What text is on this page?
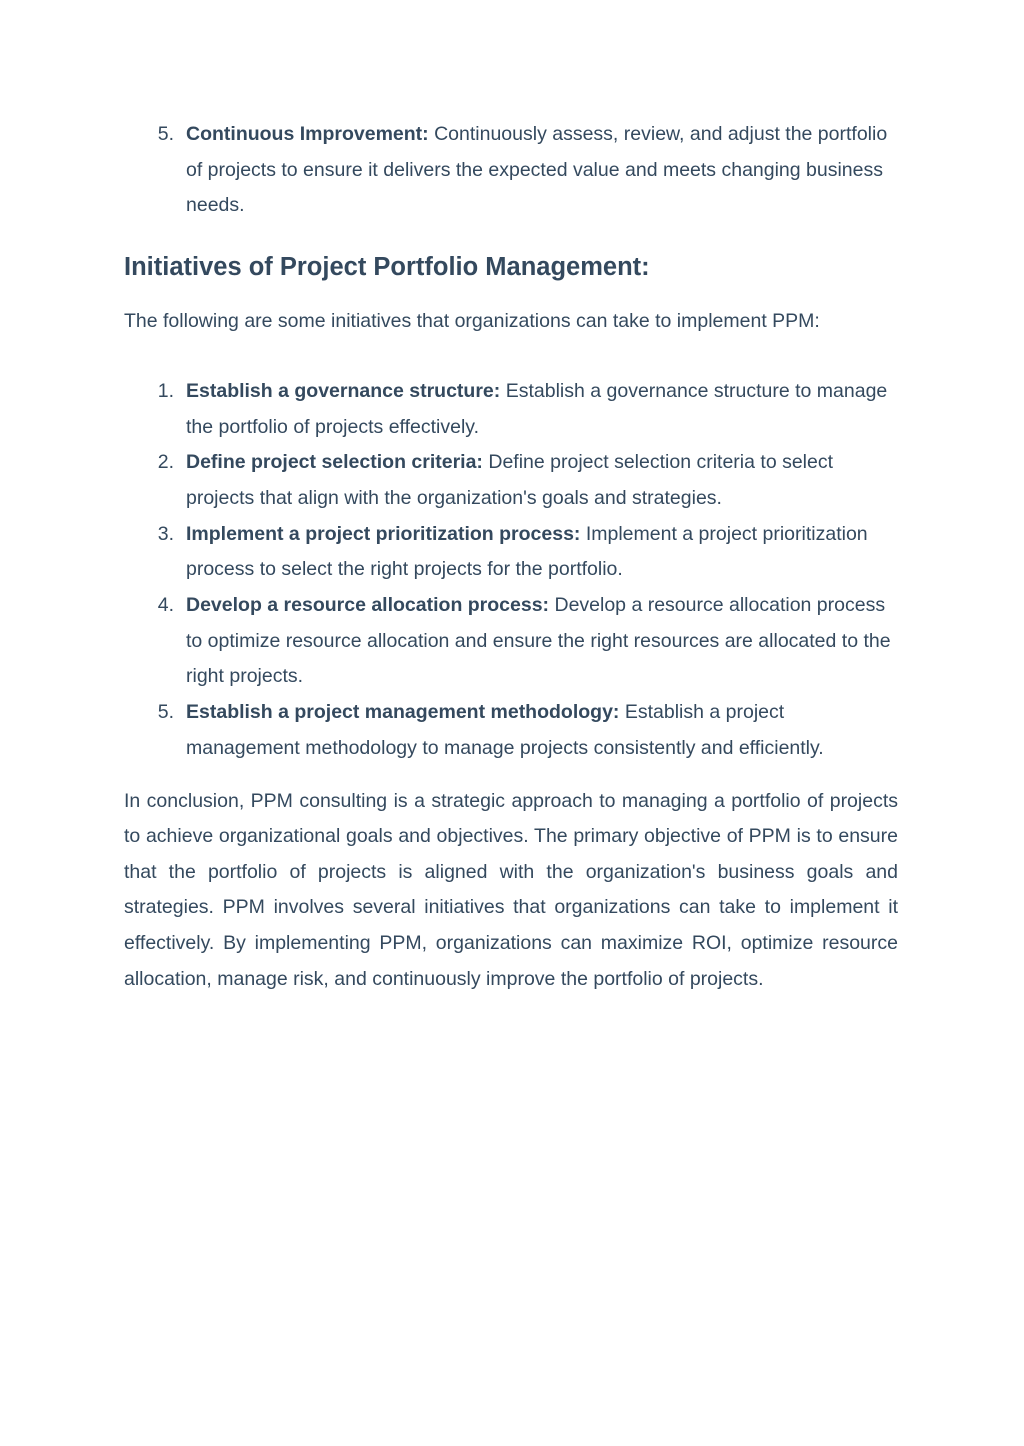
5. Continuous Improvement: Continuously assess, review, and adjust the portfolio of projects to ensure it delivers the expected value and meets changing business needs.
Initiatives of Project Portfolio Management:

The following are some initiatives that organizations can take to implement PPM:

1. Establish a governance structure: Establish a governance structure to manage the portfolio of projects effectively.
2. Define project selection criteria: Define project selection criteria to select projects that align with the organization's goals and strategies.
3. Implement a project prioritization process: Implement a project prioritization process to select the right projects for the portfolio.
4. Develop a resource allocation process: Develop a resource allocation process to optimize resource allocation and ensure the right resources are allocated to the right projects.
5. Establish a project management methodology: Establish a project management methodology to manage projects consistently and efficiently.

In conclusion, PPM consulting is a strategic approach to managing a portfolio of projects to achieve organizational goals and objectives. The primary objective of PPM is to ensure that the portfolio of projects is aligned with the organization's business goals and strategies. PPM involves several initiatives that organizations can take to implement it effectively. By implementing PPM, organizations can maximize ROI, optimize resource allocation, manage risk, and continuously improve the portfolio of projects.
